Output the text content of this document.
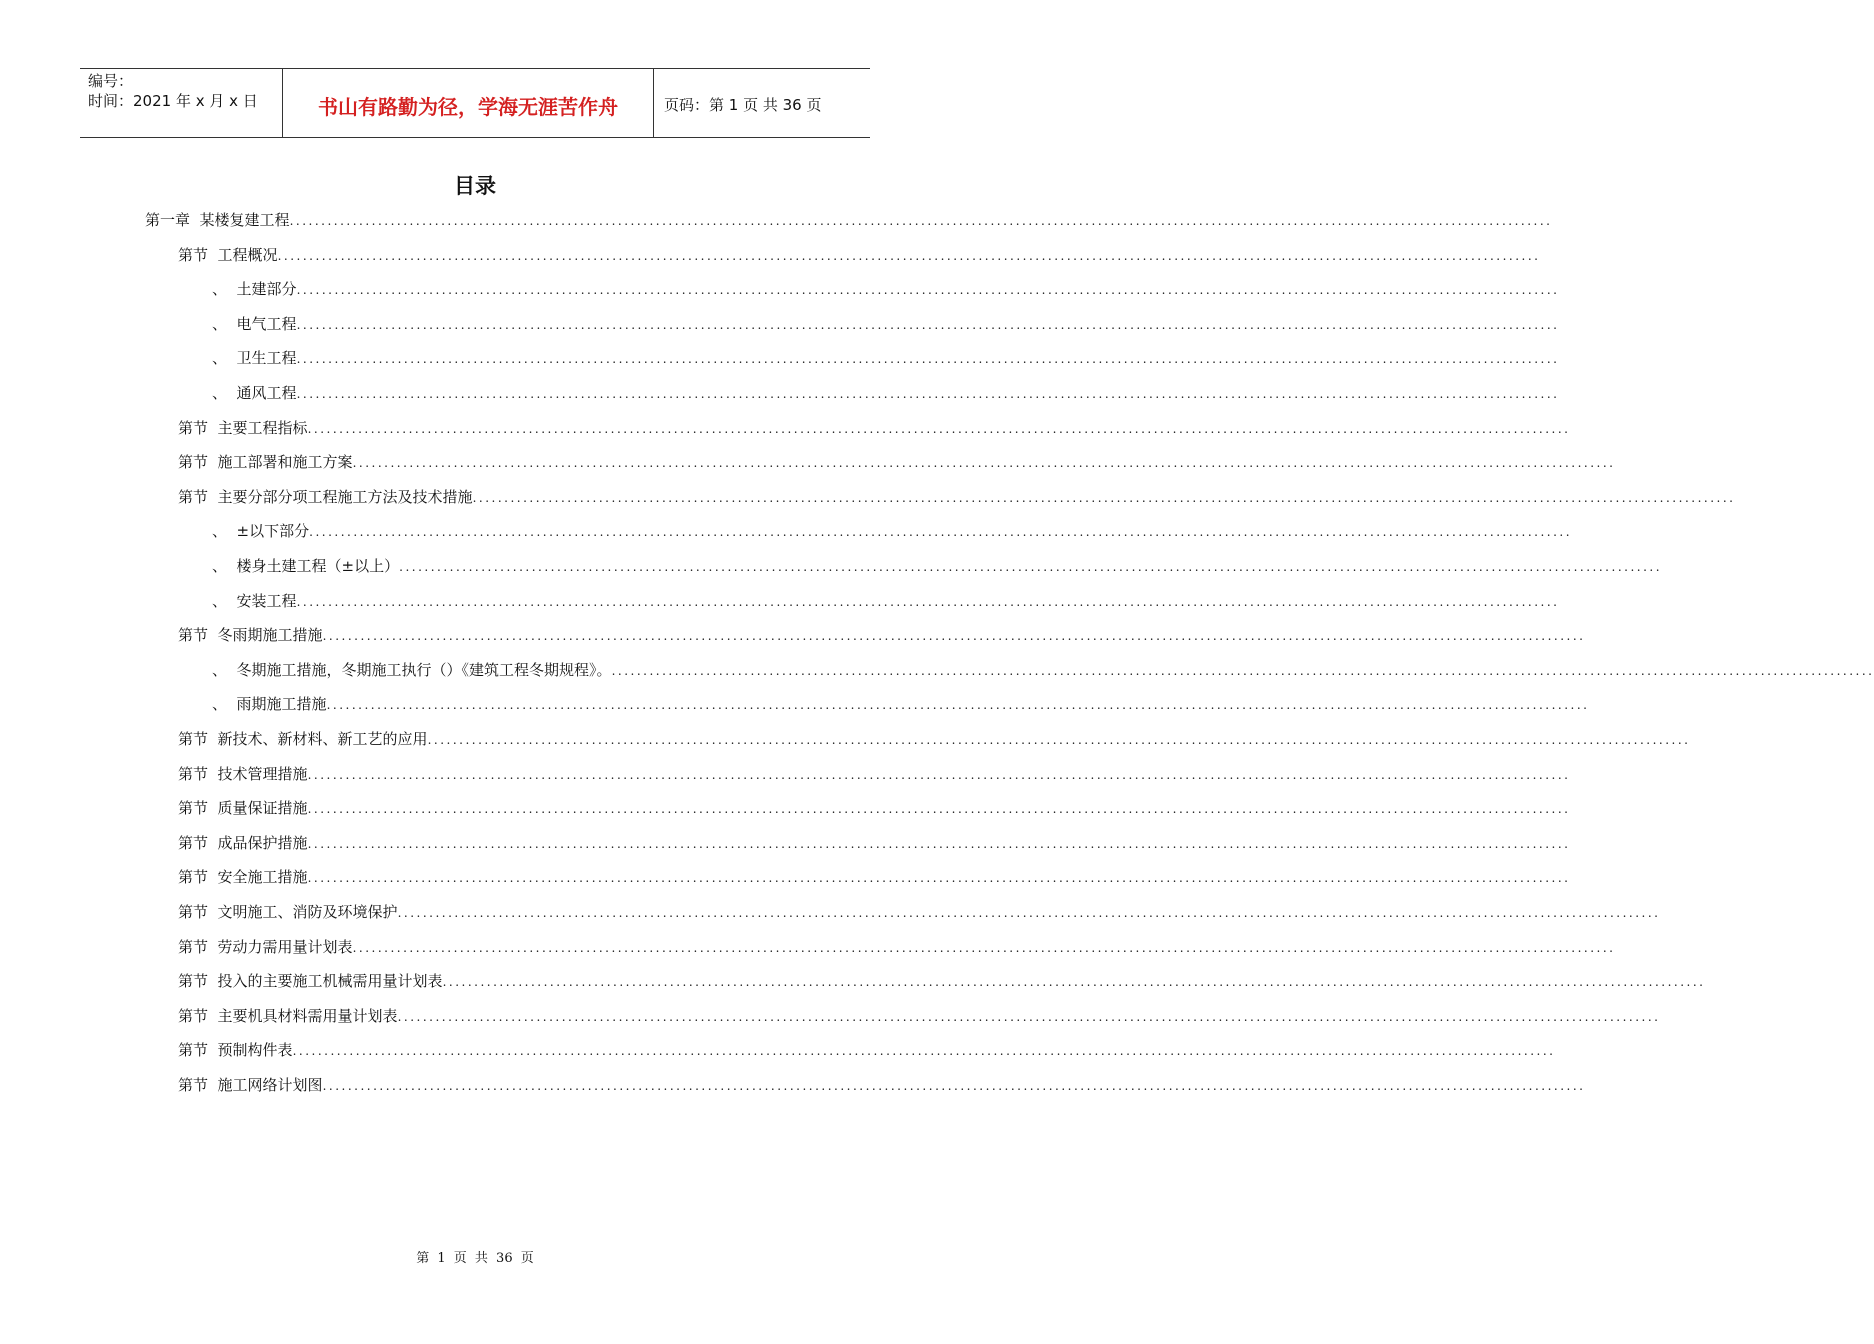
编号：
时间：2021 年 x 月 x 日	书山有路勤为径，学海无涯苦作舟	页码：第 1 页 共 36 页
目录
第一章 某楼复建工程 ........................................................................................................................................................................................................
第节 工程概况 ........................................................................................................................................................................................................
、 土建部分 ........................................................................................................................................................................................................
、 电气工程 ........................................................................................................................................................................................................
、 卫生工程 ........................................................................................................................................................................................................
、 通风工程 ........................................................................................................................................................................................................
第节 主要工程指标 ........................................................................................................................................................................................................
第节 施工部署和施工方案 ........................................................................................................................................................................................................
第节 主要分部分项工程施工方法及技术措施 ........................................................................................................................................................................................................
、 ±以下部分 ........................................................................................................................................................................................................
、 楼身土建工程（±以上） ........................................................................................................................................................................................................
、 安装工程 ........................................................................................................................................................................................................
第节 冬雨期施工措施 ........................................................................................................................................................................................................
、 冬期施工措施，冬期施工执行（）《建筑工程冬期规程》。 ........................................................................................................................................................................................................
、 雨期施工措施 ........................................................................................................................................................................................................
第节 新技术、新材料、新工艺的应用 ........................................................................................................................................................................................................
第节 技术管理措施 ........................................................................................................................................................................................................
第节 质量保证措施 ........................................................................................................................................................................................................
第节 成品保护措施 ........................................................................................................................................................................................................
第节 安全施工措施 ........................................................................................................................................................................................................
第节 文明施工、消防及环境保护 ........................................................................................................................................................................................................
第节 劳动力需用量计划表 ........................................................................................................................................................................................................
第节 投入的主要施工机械需用量计划表 ........................................................................................................................................................................................................
第节 主要机具材料需用量计划表 ........................................................................................................................................................................................................
第节 预制构件表 ........................................................................................................................................................................................................
第节 施工网络计划图 ........................................................................................................................................................................................................
第 1 页 共 36 页
